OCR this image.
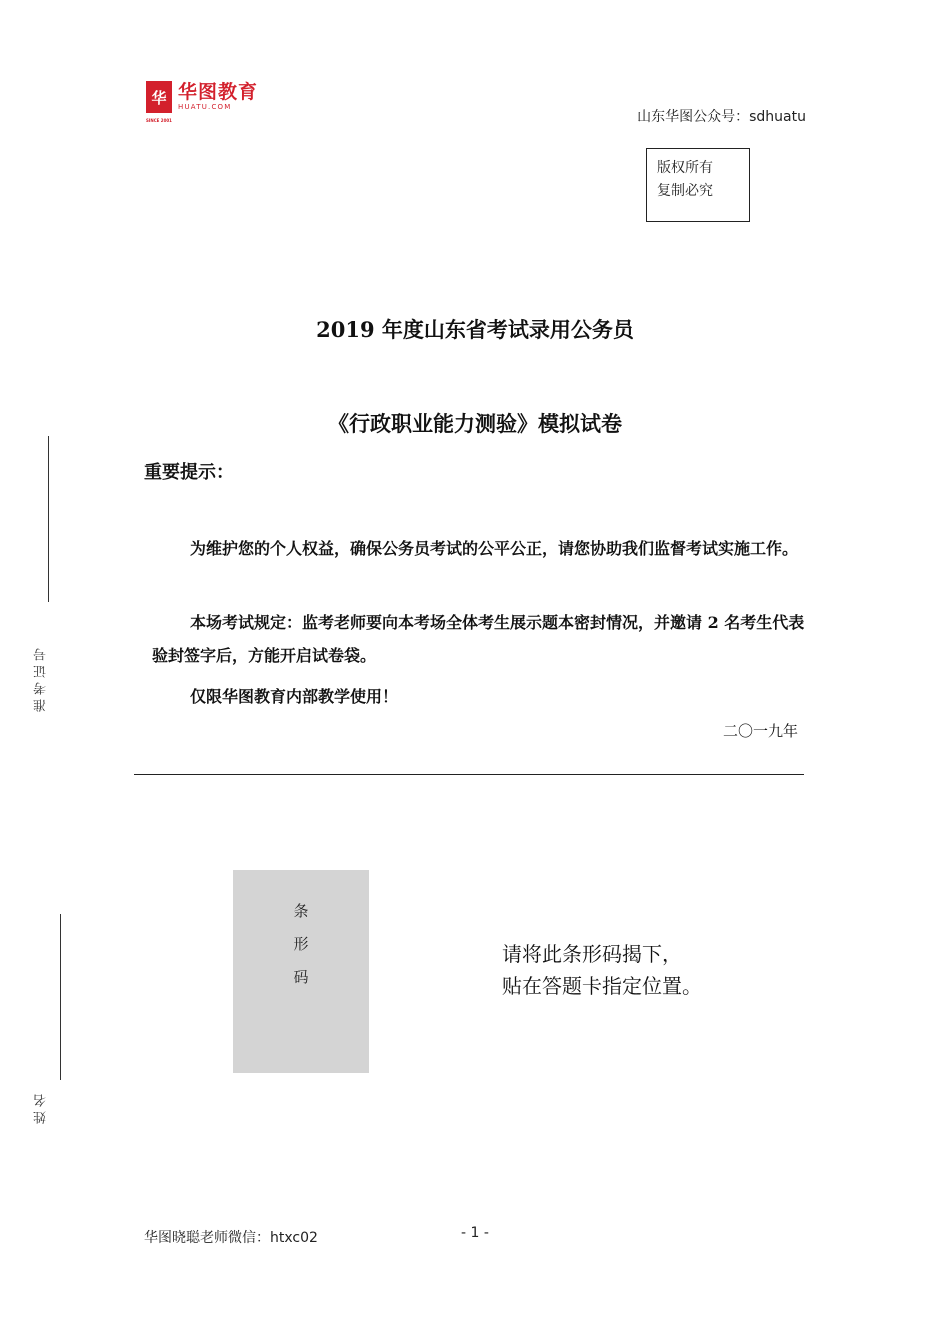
华
SINCE 2001
华图教育
HUATU.COM
山东华图公众号：sdhuatu
版权所有
复制必究
2019 年度山东省考试录用公务员
《行政职业能力测验》模拟试卷
重要提示：
为维护您的个人权益，确保公务员考试的公平公正，请您协助我们监督考试实施工作。
本场考试规定：监考老师要向本考场全体考生展示题本密封情况，并邀请 2 名考生代表验封签字后，方能开启试卷袋。
仅限华图教育内部教学使用！
二〇一九年
准考证号
姓名
条
形
码
请将此条形码揭下，
贴在答题卡指定位置。
华图晓聪老师微信：htxc02	- 1 -
